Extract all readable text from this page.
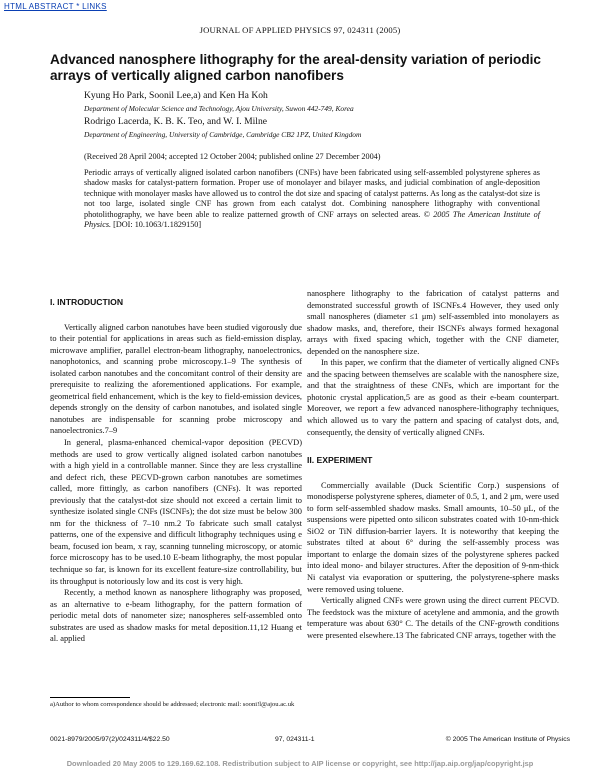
HTML ABSTRACT * LINKS
JOURNAL OF APPLIED PHYSICS 97, 024311 (2005)
Advanced nanosphere lithography for the areal-density variation of periodic arrays of vertically aligned carbon nanofibers
Kyung Ho Park, Soonil Lee,a) and Ken Ha Koh
Department of Molecular Science and Technology, Ajou University, Suwon 442-749, Korea
Rodrigo Lacerda, K. B. K. Teo, and W. I. Milne
Department of Engineering, University of Cambridge, Cambridge CB2 1PZ, United Kingdom
(Received 28 April 2004; accepted 12 October 2004; published online 27 December 2004)
Periodic arrays of vertically aligned isolated carbon nanofibers (CNFs) have been fabricated using self-assembled polystyrene spheres as shadow masks for catalyst-pattern formation. Proper use of monolayer and bilayer masks, and judicial combination of angle-deposition technique with monolayer masks have allowed us to control the dot size and spacing of catalyst patterns. As long as the catalyst-dot size is not too large, isolated single CNF has grown from each catalyst dot. Combining nanosphere lithography with conventional photolithography, we have been able to realize patterned growth of CNF arrays on selected areas. © 2005 The American Institute of Physics. [DOI: 10.1063/1.1829150]
I. INTRODUCTION

Vertically aligned carbon nanotubes have been studied vigorously due to their potential for applications in areas such as field-emission display, microwave amplifier, parallel electron-beam lithography, nanoelectronics, nanophotonics, and scanning probe microscopy.1–9 The synthesis of isolated carbon nanotubes and the concomitant control of their density are prerequisite to realizing the aforementioned applications. For example, geometrical field enhancement, which is the key to field-emission devices, depends strongly on the density of carbon nanotubes, and isolated single nanotubes are indispensable for scanning probe microscopy and nanoelectronics.7–9

In general, plasma-enhanced chemical-vapor deposition (PECVD) methods are used to grow vertically aligned isolated carbon nanotubes with a high yield in a controllable manner. Since they are less crystalline and defect rich, these PECVD-grown carbon nanotubes are sometimes called, more fittingly, as carbon nanofibers (CNFs). It was reported previously that the catalyst-dot size should not exceed a certain limit to synthesize isolated single CNFs (ISCNFs); the dot size must be below 300 nm for the thickness of 7–10 nm.2 To fabricate such small catalyst patterns, one of the expensive and difficult lithography techniques using e beam, focused ion beam, x ray, scanning tunneling microscopy, or atomic force microscopy has to be used.10 E-beam lithography, the most popular technique so far, is known for its excellent feature-size controllability, but its throughput is notoriously low and its cost is very high.

Recently, a method known as nanosphere lithography was proposed, as an alternative to e-beam lithography, for the pattern formation of periodic metal dots of nanometer size; nanospheres self-assembled onto substrates are used as shadow masks for metal deposition.11,12 Huang et al. applied

nanosphere lithography to the fabrication of catalyst patterns and demonstrated successful growth of ISCNFs.4 However, they used only small nanospheres (diameter ≤1 μm) self-assembled into monolayers as shadow masks, and, therefore, their ISCNFs always formed hexagonal arrays with fixed spacing which, together with the CNF diameter, depended on the nanosphere size.

In this paper, we confirm that the diameter of vertically aligned CNFs and the spacing between themselves are scalable with the nanosphere size, and that the straightness of these CNFs, which are important for the photonic crystal application,5 are as good as their e-beam counterpart. Moreover, we report a few advanced nanosphere-lithography techniques, which allowed us to vary the pattern and spacing of catalyst dots, and, consequently, the density of vertically aligned CNFs.

II. EXPERIMENT

Commercially available (Duck Scientific Corp.) suspensions of monodisperse polystyrene spheres, diameter of 0.5, 1, and 2 μm, were used to form self-assembled shadow masks. Small amounts, 10–50 μL, of the suspensions were pipetted onto silicon substrates coated with 10-nm-thick SiO2 or TiN diffusion-barrier layers. It is noteworthy that keeping the substrates tilted at about 6° during the self-assembly process was important to enlarge the domain sizes of the polystyrene spheres packed into ideal mono- and bilayer structures. After the deposition of 9-nm-thick Ni catalyst via evaporation or sputtering, the polystyrene-sphere masks were removed using toluene.

Vertically aligned CNFs were grown using the direct current PECVD. The feedstock was the mixture of acetylene and ammonia, and the growth temperature was about 630° C. The details of the CNF-growth conditions were presented elsewhere.13 The fabricated CNF arrays, together with the

a)Author to whom correspondence should be addressed; electronic mail: sooni!l@ajou.ac.uk
0021-8979/2005/97(2)/024311/4/$22.50	97, 024311-1	© 2005 The American Institute of Physics
Downloaded 20 May 2005 to 129.169.62.108. Redistribution subject to AIP license or copyright, see http://jap.aip.org/jap/copyright.jsp
